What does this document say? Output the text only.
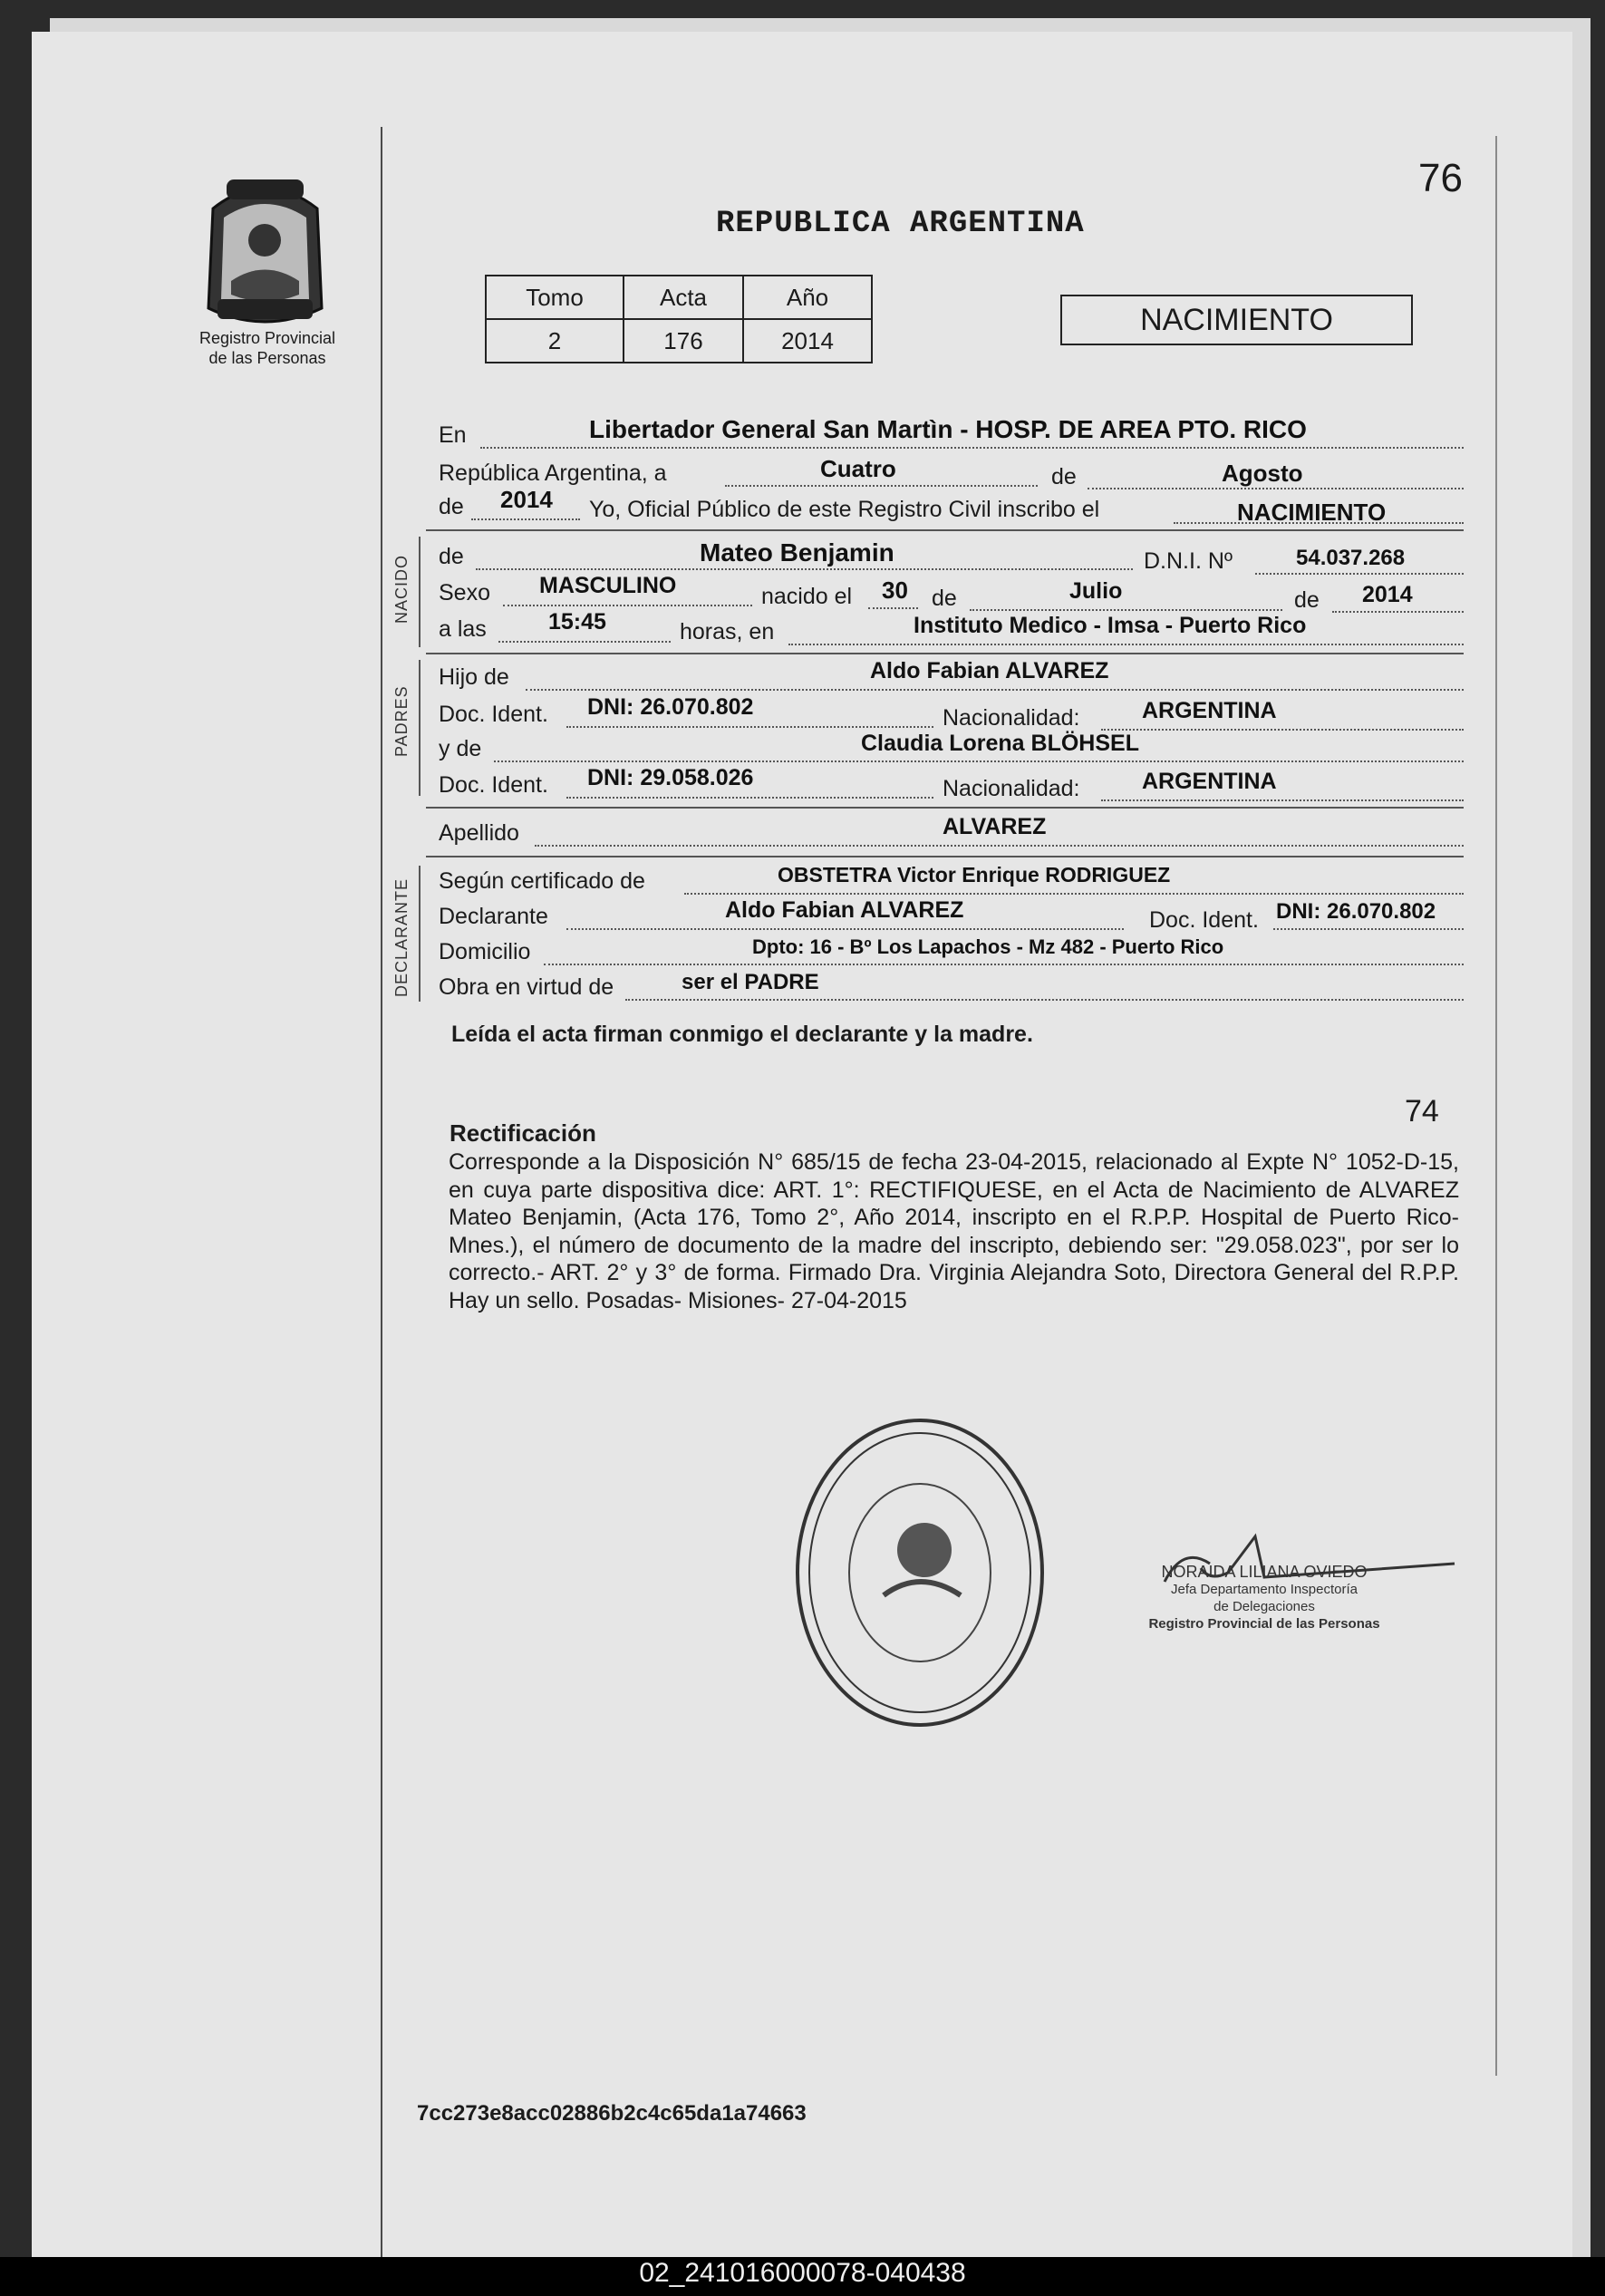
Registro Provincial
de las Personas
76
REPUBLICA ARGENTINA
Tomo	Acta	Año
2	176	2014
NACIMIENTO
En	Libertador General San Martìn - HOSP. DE AREA PTO. RICO
República Argentina, a	Cuatro	de	Agosto
de 2014 Yo, Oficial Público de este Registro Civil inscribo el	NACIMIENTO
NACIDO de	Mateo Benjamin	D.N.I. Nº	54.037.268
Sexo MASCULINO	nacido el 30 de	Julio	de 2014
a las	15:45	horas, en	Instituto Medico - Imsa - Puerto Rico
PADRES
Hijo de	Aldo Fabian ALVAREZ
Doc. Ident. DNI: 26.070.802	Nacionalidad:	ARGENTINA
y de	Claudia Lorena BLÖHSEL
Doc. Ident. DNI: 29.058.026	Nacionalidad:	ARGENTINA
Apellido	ALVAREZ
DECLARANTE Según certificado de	OBSTETRA Victor Enrique RODRIGUEZ
Declarante	Aldo Fabian ALVAREZ	Doc. Ident. DNI: 26.070.802
Domicilio	Dpto: 16 - Bº Los Lapachos - Mz 482 - Puerto Rico
Obra en virtud de	ser el PADRE
Leída el acta firman conmigo el declarante y la madre.
74
Rectificación
Corresponde a la Disposición N° 685/15 de fecha 23-04-2015, relacionado al Expte N° 1052-D-15, en cuya parte dispositiva dice: ART. 1°: RECTIFIQUESE, en el Acta de Nacimiento de ALVAREZ Mateo Benjamin, (Acta 176, Tomo 2°, Año 2014, inscripto en el R.P.P. Hospital de Puerto Rico-Mnes.), el número de documento de la madre del inscripto, debiendo ser: "29.058.023", por ser lo correcto.- ART. 2° y 3° de forma. Firmado Dra. Virginia Alejandra Soto, Directora General del R.P.P. Hay un sello. Posadas- Misiones- 27-04-2015
NORAIDA LILIANA OVIEDO
Jefa Departamento Inspectoría
de Delegaciones
Registro Provincial de las Personas
7cc273e8acc02886b2c4c65da1a74663
02_241016000078-040438
